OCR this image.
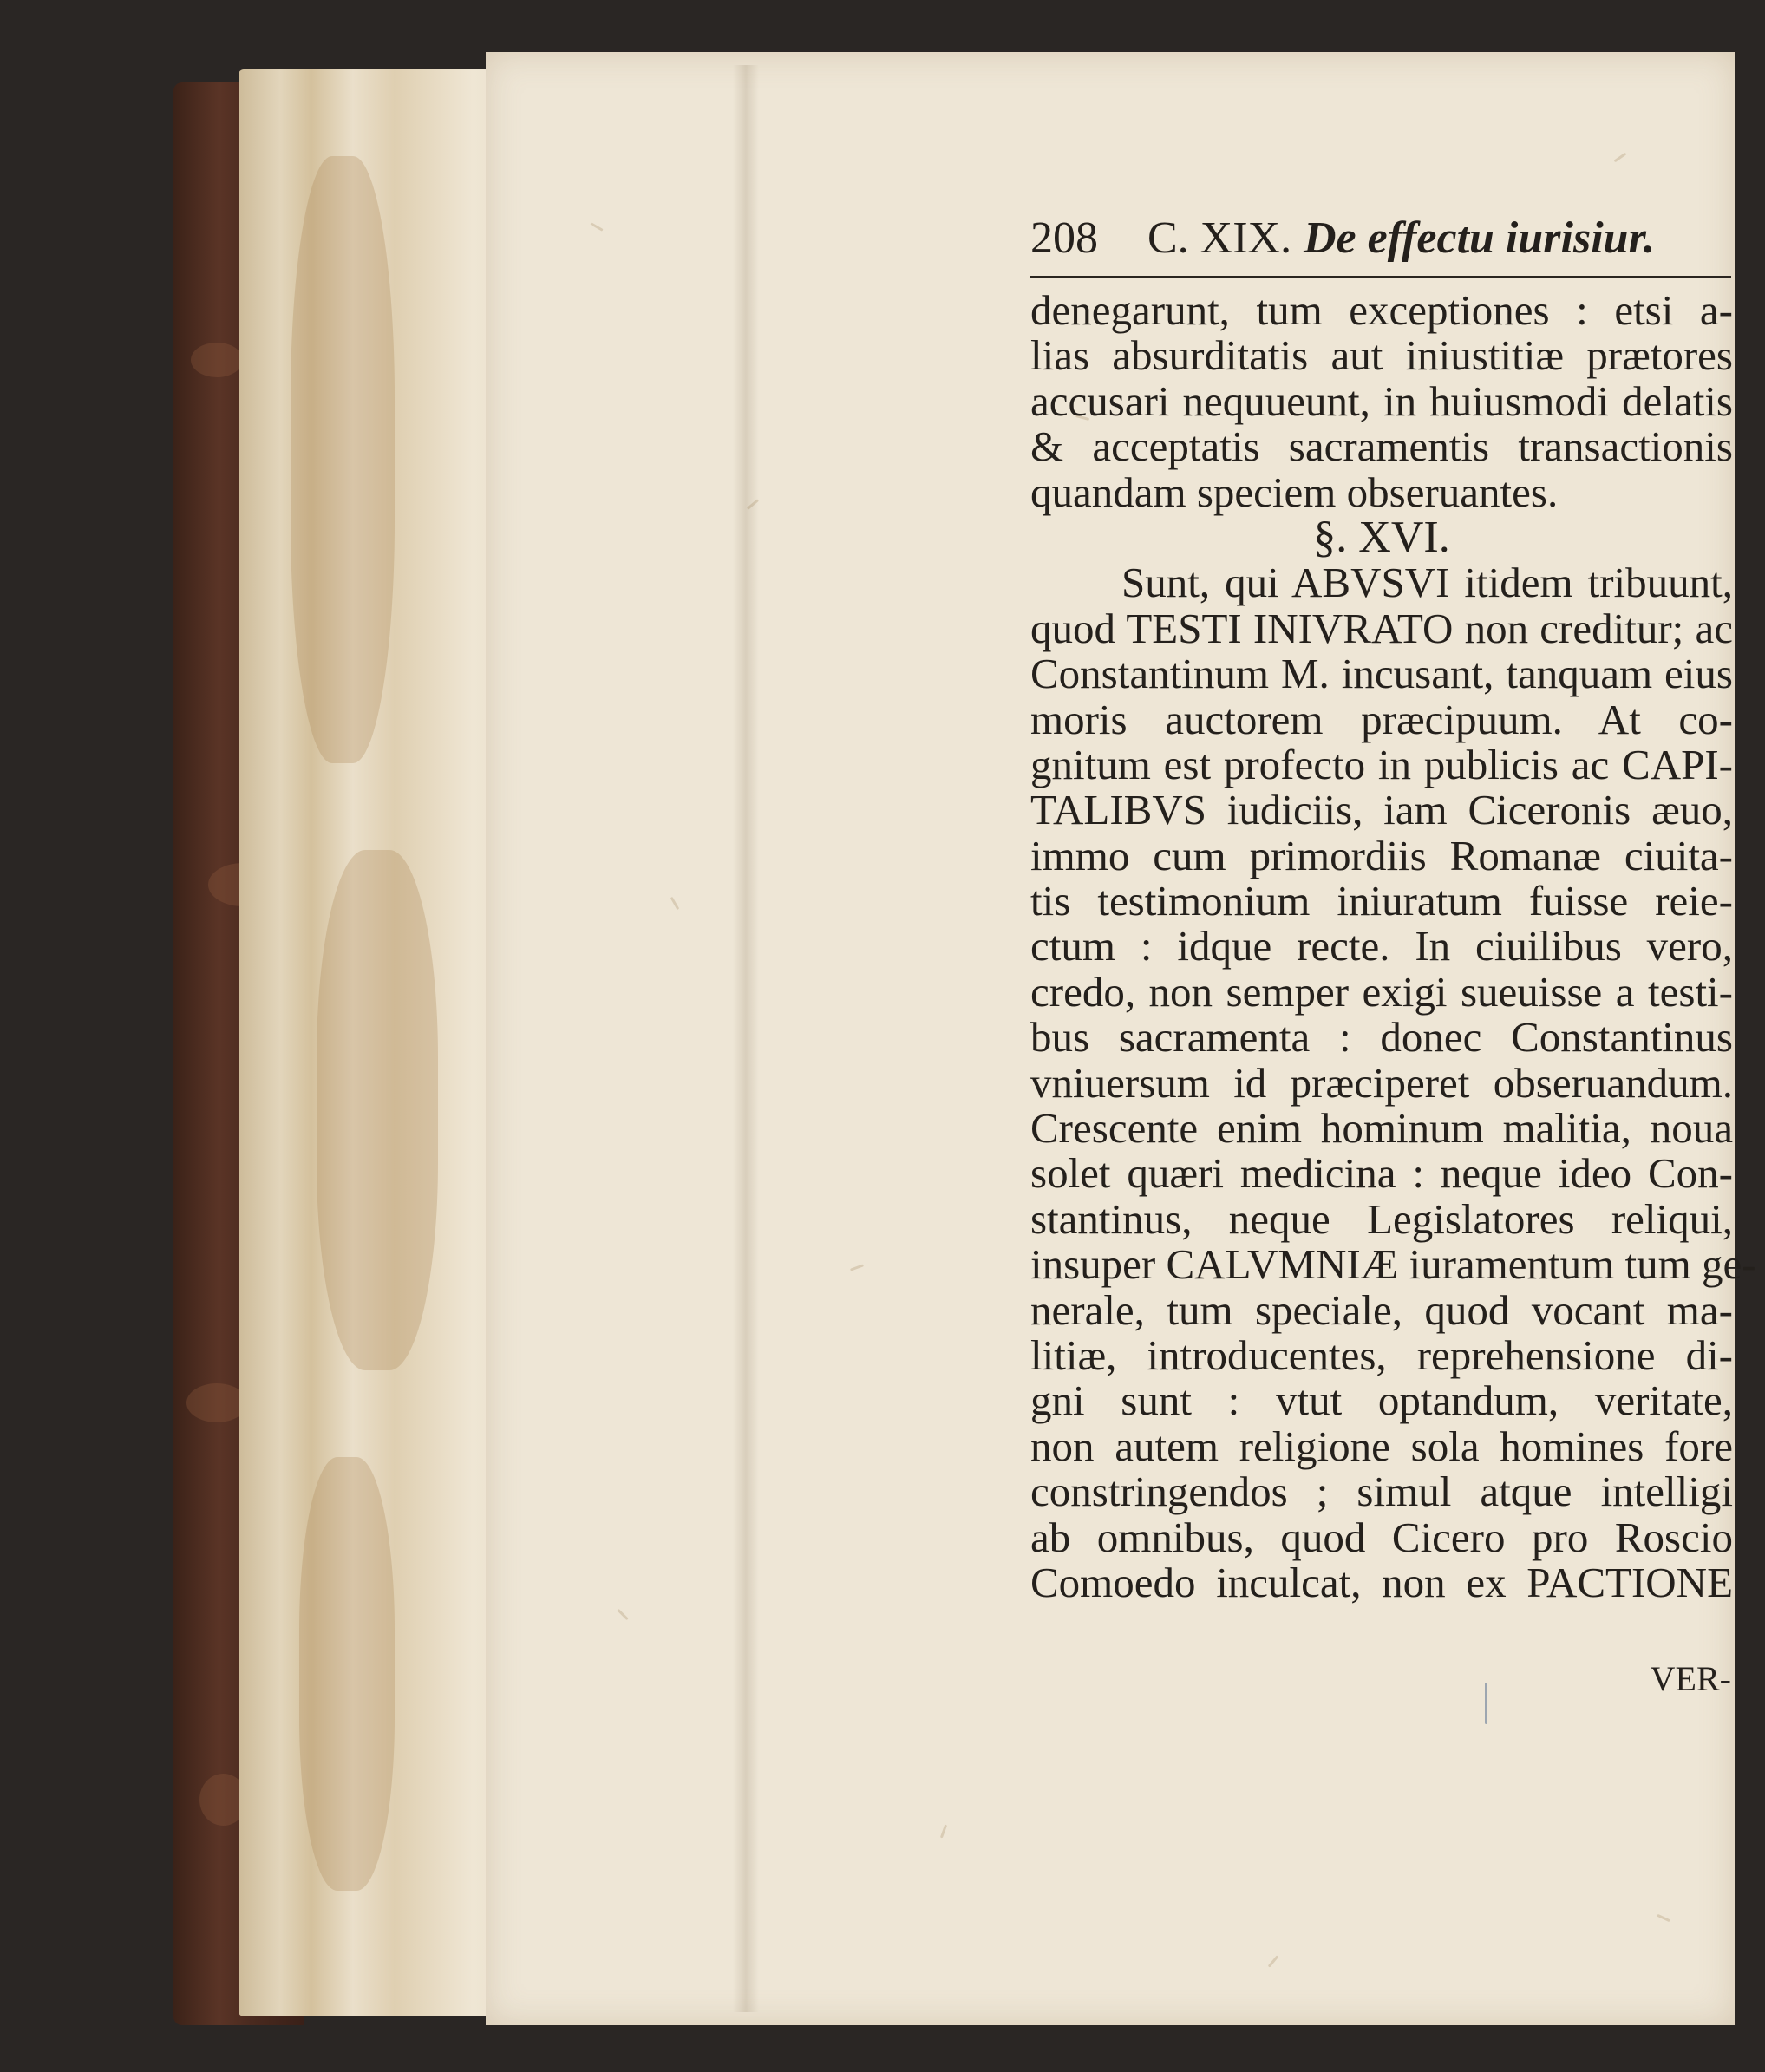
208 C. XIX. De effectu iurisiur.
denegarunt, tum exceptiones : etsi a-
lias absurditatis aut iniustitiæ prætores
accusari nequueunt, in huiusmodi delatis
& acceptatis sacramentis transactionis
quandam speciem obseruantes.
§. XVI.
Sunt, qui ABVSVI itidem tribuunt,
quod TESTI INIVRATO non creditur; ac
Constantinum M. incusant, tanquam eius
moris auctorem præcipuum. At co-
gnitum est profecto in publicis ac CAPI-
TALIBVS iudiciis, iam Ciceronis æuo,
immo cum primordiis Romanæ ciuita-
tis testimonium iniuratum fuisse reie-
ctum : idque recte. In ciuilibus vero,
credo, non semper exigi sueuisse a testi-
bus sacramenta : donec Constantinus
vniuersum id præciperet obseruandum.
Crescente enim hominum malitia, noua
solet quæri medicina : neque ideo Con-
stantinus, neque Legislatores reliqui,
insuper CALVMNIÆ iuramentum tum ge-
nerale, tum speciale, quod vocant ma-
litiæ, introducentes, reprehensione di-
gni sunt : vtut optandum, veritate,
non autem religione sola homines fore
constringendos ; simul atque intelligi
ab omnibus, quod Cicero pro Roscio
Comoedo inculcat, non ex PACTIONE
VER-
